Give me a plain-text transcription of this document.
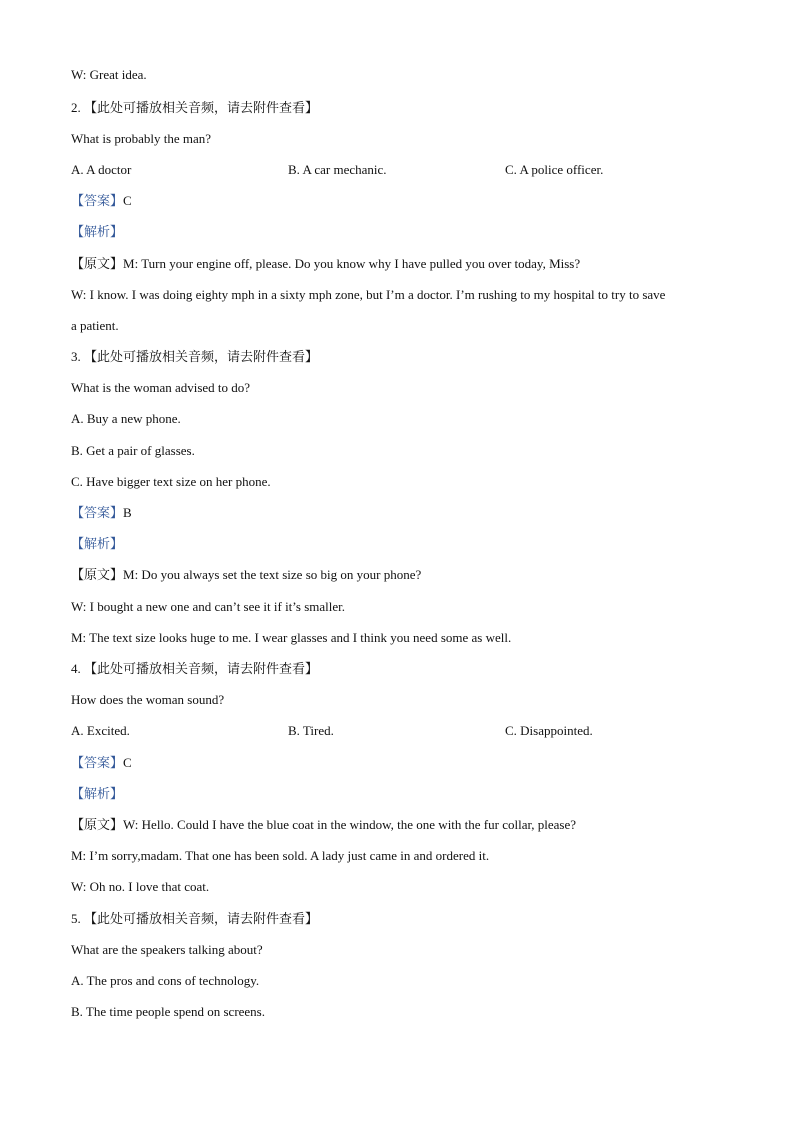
W: Great idea.
2. 【此处可播放相关音频，请去附件查看】
What is probably the man?
A. A doctor	B. A car mechanic.	C. A police officer.
【答案】C
【解析】
【原文】M: Turn your engine off, please. Do you know why I have pulled you over today, Miss?
W: I know. I was doing eighty mph in a sixty mph zone, but I’m a doctor. I’m rushing to my hospital to try to save
a patient.
3. 【此处可播放相关音频，请去附件查看】
What is the woman advised to do?
A. Buy a new phone.
B. Get a pair of glasses.
C. Have bigger text size on her phone.
【答案】B
【解析】
【原文】M: Do you always set the text size so big on your phone?
W: I bought a new one and can’t see it if it’s smaller.
M: The text size looks huge to me. I wear glasses and I think you need some as well.
4. 【此处可播放相关音频，请去附件查看】
How does the woman sound?
A. Excited.	B. Tired.	C. Disappointed.
【答案】C
【解析】
【原文】W: Hello. Could I have the blue coat in the window, the one with the fur collar, please?
M: I’m sorry,madam. That one has been sold. A lady just came in and ordered it.
W: Oh no. I love that coat.
5. 【此处可播放相关音频，请去附件查看】
What are the speakers talking about?
A. The pros and cons of technology.
B. The time people spend on screens.
